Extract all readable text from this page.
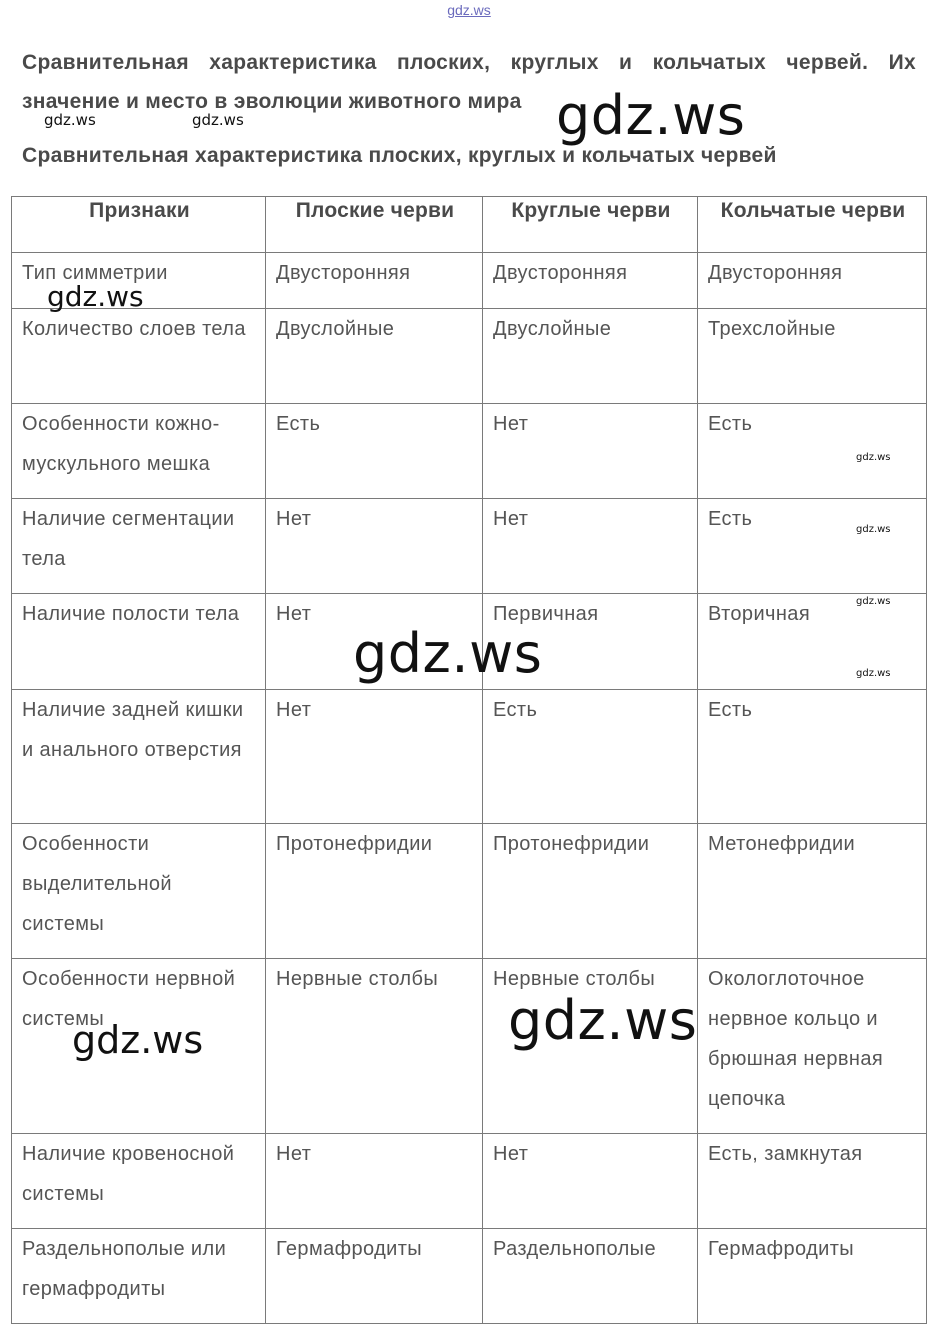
gdz.ws
Сравнительная характеристика плоских, круглых и кольчатых червей. Их значение и место в эволюции животного мира
Сравнительная характеристика плоских, круглых и кольчатых червей
Признаки	Плоские черви	Круглые черви	Кольчатые черви
Тип симметрии	Двусторонняя	Двусторонняя	Двусторонняя
Количество слоев тела	Двуслойные	Двуслойные	Трехслойные
Особенности кожно-мускульного мешка	Есть	Нет	Есть
Наличие сегментации тела	Нет	Нет	Есть
Наличие полости тела	Нет	Первичная	Вторичная
Наличие задней кишки и анального отверстия	Нет	Есть	Есть
Особенности выделительной системы	Протонефридии	Протонефридии	Метонефридии
Особенности нервной системы	Нервные столбы	Нервные столбы	Окологлоточное нервное кольцо и брюшная нервная цепочка
Наличие кровеносной системы	Нет	Нет	Есть, замкнутая
Раздельнополые или гермафродиты	Гермафродиты	Раздельнополые	Гермафродиты
gdz.ws	gdz.ws	gdz.ws
gdz.ws
gdz.ws
gdz.ws
gdz.ws
gdz.ws
gdz.ws
gdz.ws
gdz.ws
